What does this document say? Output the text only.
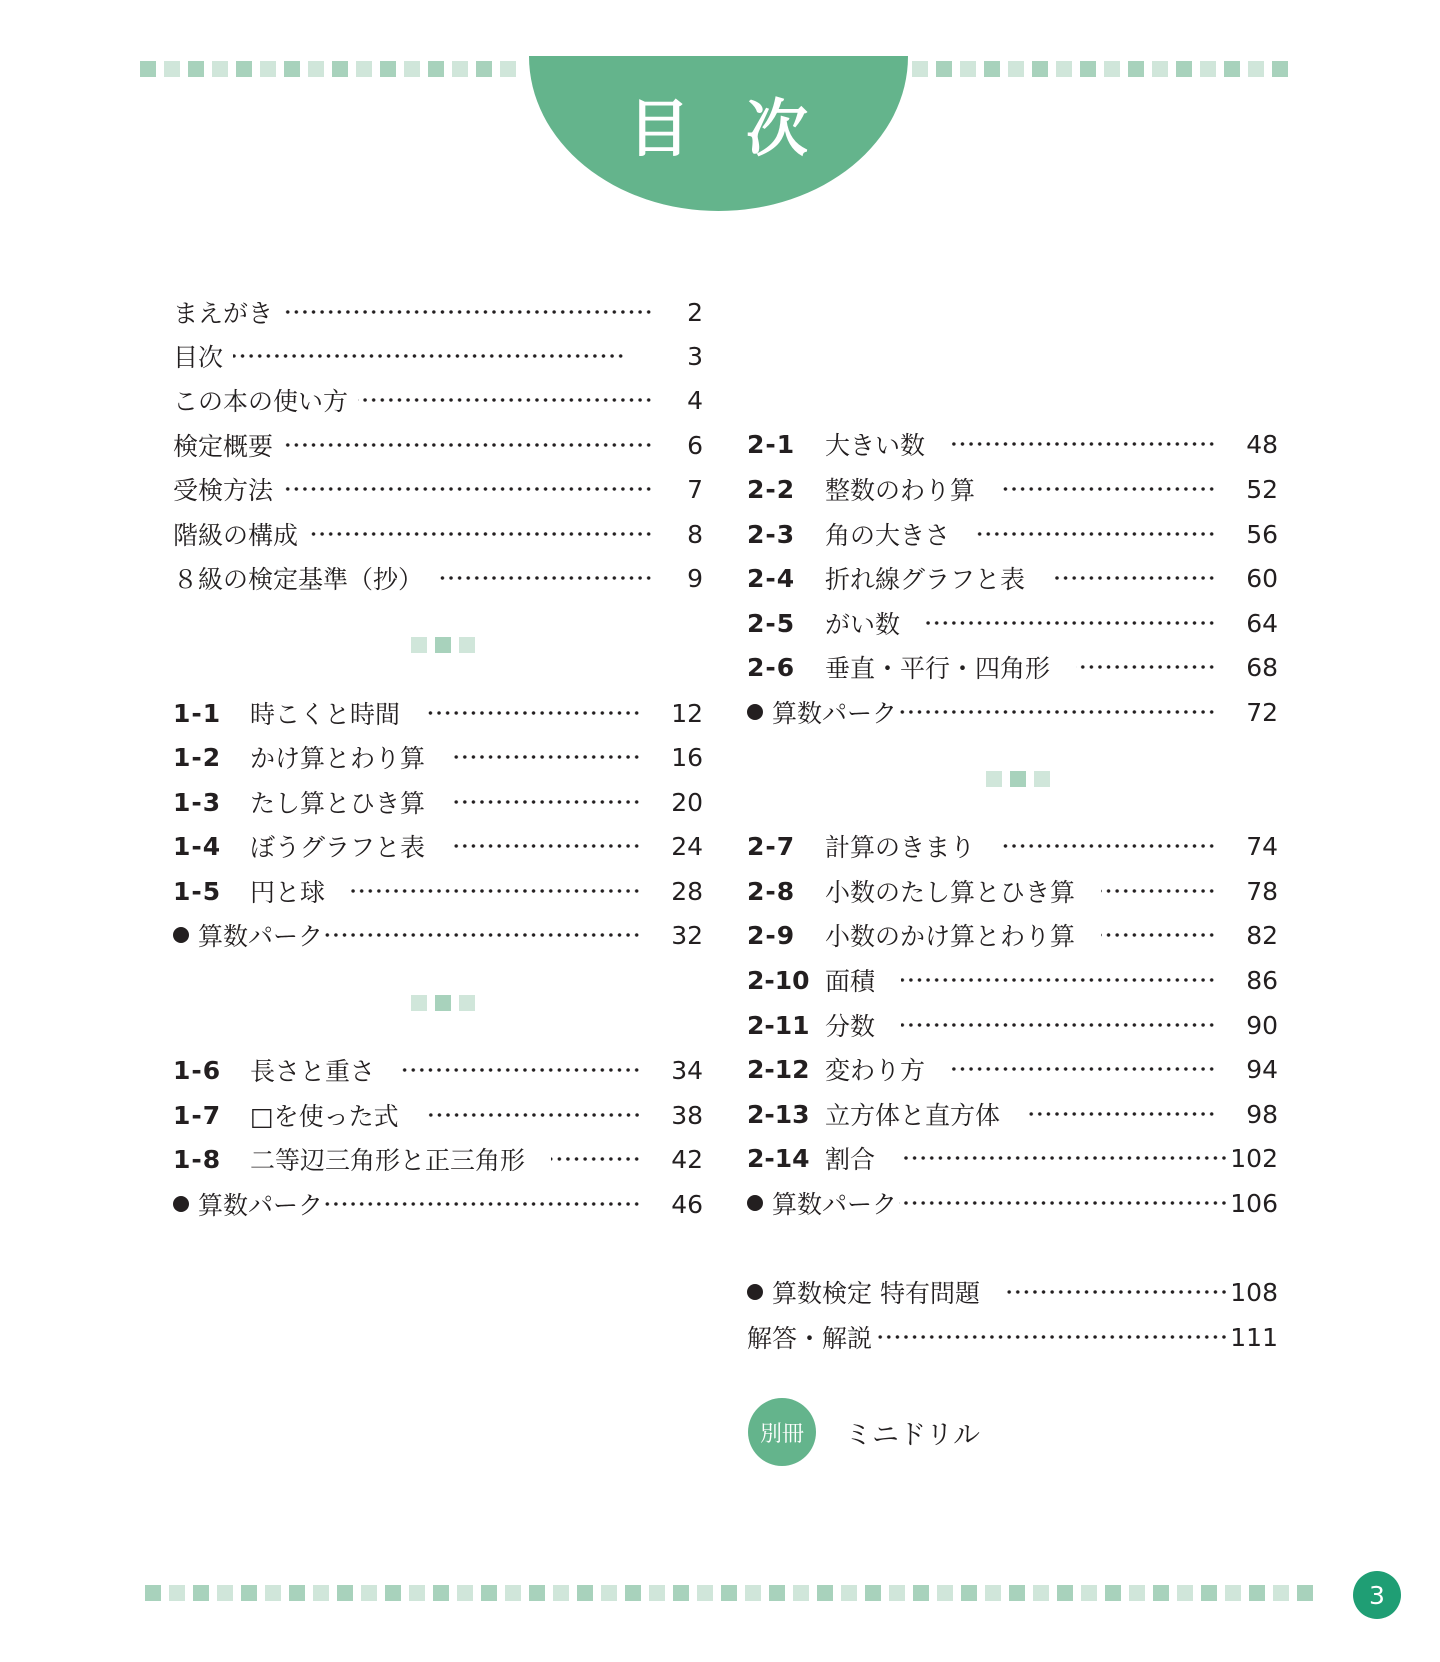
目 次
まえがき	2
目次	3
この本の使い方	4
検定概要	6
受検方法	7
階級の構成	8
８級の検定基準（抄）	9
1-1	時こくと時間	12
1-2	かけ算とわり算	16
1-3	たし算とひき算	20
1-4	ぼうグラフと表	24
1-5	円と球	28
算数パーク	32
1-6	長さと重さ	34
1-7	□を使った式	38
1-8	二等辺三角形と正三角形	42
算数パーク	46
2-1	大きい数	48
2-2	整数のわり算	52
2-3	角の大きさ	56
2-4	折れ線グラフと表	60
2-5	がい数	64
2-6	垂直・平行・四角形	68
算数パーク	72
2-7	計算のきまり	74
2-8	小数のたし算とひき算	78
2-9	小数のかけ算とわり算	82
2-10 面積	86
2-11 分数	90
2-12 変わり方	94
2-13 立方体と直方体	98
2-14 割合	102
算数パーク	106
算数検定 特有問題	108
解答・解説	111
別冊	ミニドリル
3
